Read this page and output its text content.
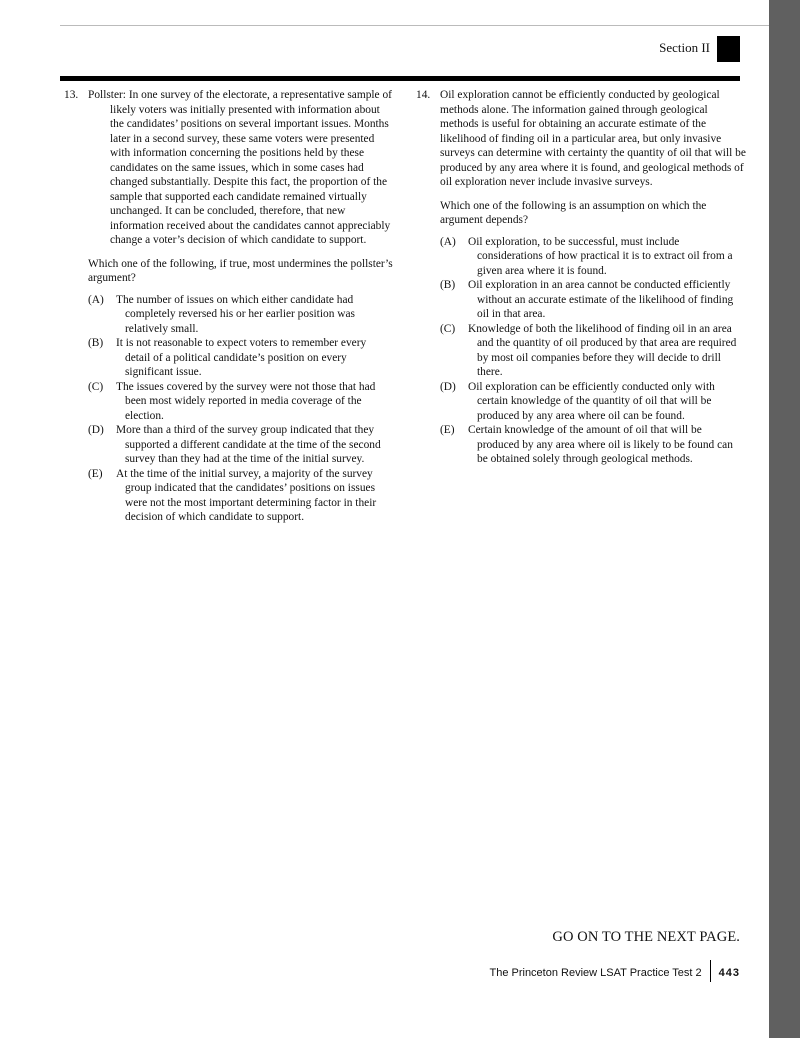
Section II
13. Pollster: In one survey of the electorate, a representative sample of likely voters was initially presented with information about the candidates’ positions on several important issues. Months later in a second survey, these same voters were presented with information concerning the positions held by these candidates on the same issues, which in some cases had changed substantially. Despite this fact, the proportion of the sample that supported each candidate remained virtually unchanged. It can be concluded, therefore, that new information received about the candidates cannot appreciably change a voter’s decision of which candidate to support.
Which one of the following, if true, most undermines the pollster’s argument?
(A) The number of issues on which either candidate had completely reversed his or her earlier position was relatively small.
(B) It is not reasonable to expect voters to remember every detail of a political candidate’s position on every significant issue.
(C) The issues covered by the survey were not those that had been most widely reported in media coverage of the election.
(D) More than a third of the survey group indicated that they supported a different candidate at the time of the second survey than they had at the time of the initial survey.
(E) At the time of the initial survey, a majority of the survey group indicated that the candidates’ positions on issues were not the most important determining factor in their decision of which candidate to support.
14. Oil exploration cannot be efficiently conducted by geological methods alone. The information gained through geological methods is useful for obtaining an accurate estimate of the likelihood of finding oil in a particular area, but only invasive surveys can determine with certainty the quantity of oil that will be produced by any area where it is found, and geological methods of oil exploration never include invasive surveys.
Which one of the following is an assumption on which the argument depends?
(A) Oil exploration, to be successful, must include considerations of how practical it is to extract oil from a given area where it is found.
(B) Oil exploration in an area cannot be conducted efficiently without an accurate estimate of the likelihood of finding oil in that area.
(C) Knowledge of both the likelihood of finding oil in an area and the quantity of oil produced by that area are required by most oil companies before they will decide to drill there.
(D) Oil exploration can be efficiently conducted only with certain knowledge of the quantity of oil that will be produced by any area where oil can be found.
(E) Certain knowledge of the amount of oil that will be produced by any area where oil is likely to be found can be obtained solely through geological methods.
GO ON TO THE NEXT PAGE.
The Princeton Review LSAT Practice Test 2 443
